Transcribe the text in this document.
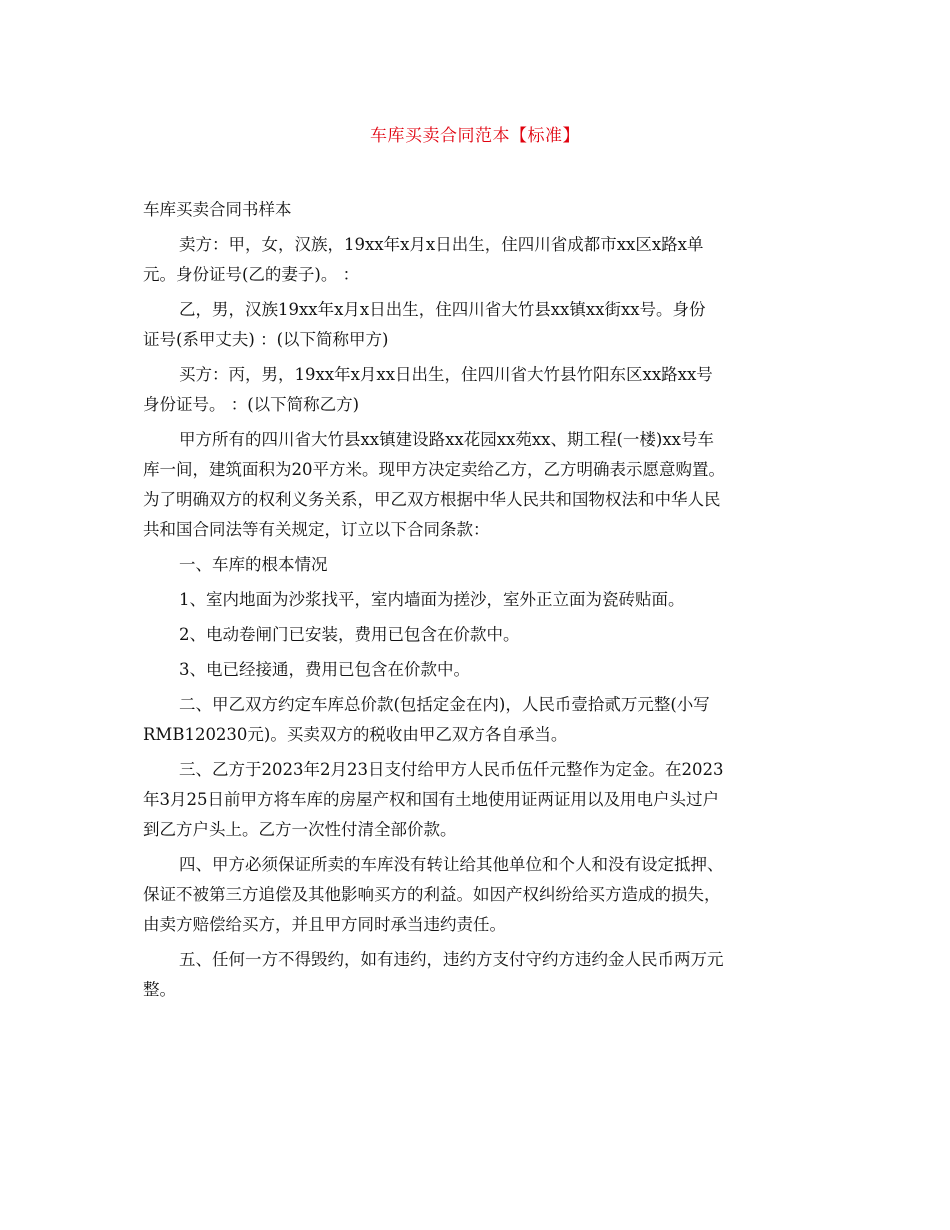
车库买卖合同范本【标准】
车库买卖合同书样本
卖方：甲，女，汉族，19xx年x月x日出生，住四川省成都市xx区x路x单
元。身份证号(乙的妻子)。 ：
乙，男，汉族19xx年x月x日出生，住四川省大竹县xx镇xx街xx号。身份
证号(系甲丈夫) ：(以下简称甲方)
买方：丙，男，19xx年x月xx日出生，住四川省大竹县竹阳东区xx路xx号
身份证号。 ：(以下简称乙方)
甲方所有的四川省大竹县xx镇建设路xx花园xx苑xx、期工程(一楼)xx号车
库一间，建筑面积为20平方米。现甲方决定卖给乙方，乙方明确表示愿意购置。
为了明确双方的权利义务关系，甲乙双方根据中华人民共和国物权法和中华人民
共和国合同法等有关规定，订立以下合同条款：
一、车库的根本情况
1、室内地面为沙浆找平，室内墙面为搓沙，室外正立面为瓷砖贴面。
2、电动卷闸门已安装，费用已包含在价款中。
3、电已经接通，费用已包含在价款中。
二、甲乙双方约定车库总价款(包括定金在内)，人民币壹拾贰万元整(小写
RMB120230元)。买卖双方的税收由甲乙双方各自承当。
三、乙方于2023年2月23日支付给甲方人民币伍仟元整作为定金。在2023
年3月25日前甲方将车库的房屋产权和国有土地使用证两证用以及用电户头过户
到乙方户头上。乙方一次性付清全部价款。
四、甲方必须保证所卖的车库没有转让给其他单位和个人和没有设定抵押、
保证不被第三方追偿及其他影响买方的利益。如因产权纠纷给买方造成的损失，
由卖方赔偿给买方，并且甲方同时承当违约责任。
五、任何一方不得毁约，如有违约，违约方支付守约方违约金人民币两万元
整。
